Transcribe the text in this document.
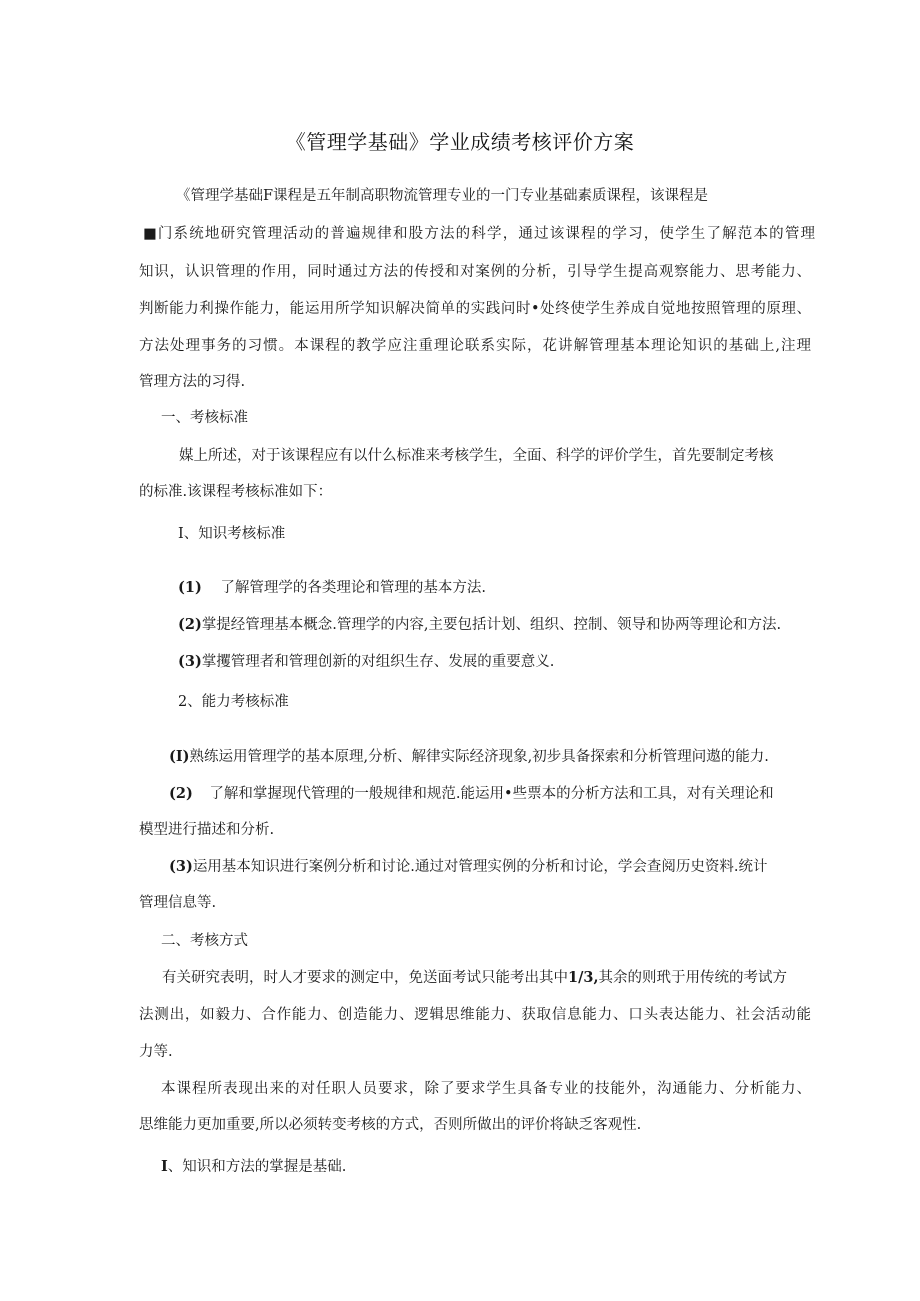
《管理学基础》学业成绩考核评价方案
《管理学基础F课程是五年制高职物流管理专业的一门专业基础素质课程，该课程是
■门系统地研究管理活动的普遍规律和股方法的科学，通过该课程的学习，使学生了解范本的管理
知识，认识管理的作用，同时通过方法的传授和对案例的分析，引导学生提高观察能力、思考能力、
判断能力利操作能力，能运用所学知识解决简单的实践问时•处终使学生养成自觉地按照管理的原理、
方法处理事务的习惯。本课程的教学应注重理论联系实际，花讲解管理基本理论知识的基础上,注理
管理方法的习得.
一、考核标准
媒上所述，对于该课程应有以什么标准来考核学生，全面、科学的评价学生，首先要制定考核
的标准.该课程考核标准如下：
I、知识考核标准
(1) 了解管理学的各类理论和管理的基本方法.
(2)掌提经管理基本概念.管理学的内容,主要包括计划、组织、控制、领导和协两等理论和方法.
(3)掌攫管理者和管理创新的对组织生存、发展的重要意义.
2、能力考核标准
(I)熟练运用管理学的基本原理,分析、解律实际经济现象,初步具备探索和分析管理问遨的能力.
(2) 了解和掌握现代管理的一般规律和规范.能运用•些票本的分析方法和工具，对有关理论和
模型进行描述和分析.
(3)运用基本知识进行案例分析和讨论.通过对管理实例的分析和讨论，学会查阅历史资料.统计
管理信息等.
二、考核方式
有关研究表明，时人才要求的测定中，免送面考试只能考出其中1/3,其余的则玳于用传统的考试方
法测出，如毅力、合作能力、创造能力、逻辑思维能力、获取信息能力、口头表达能力、社会活动能
力等.
本课程所表现出来的对任职人员要求，除了要求学生具备专业的技能外，沟通能力、分析能力、
思维能力更加重要,所以必须转变考核的方式，否则所做出的评价将缺乏客观性.
I、知识和方法的掌握是基础.
